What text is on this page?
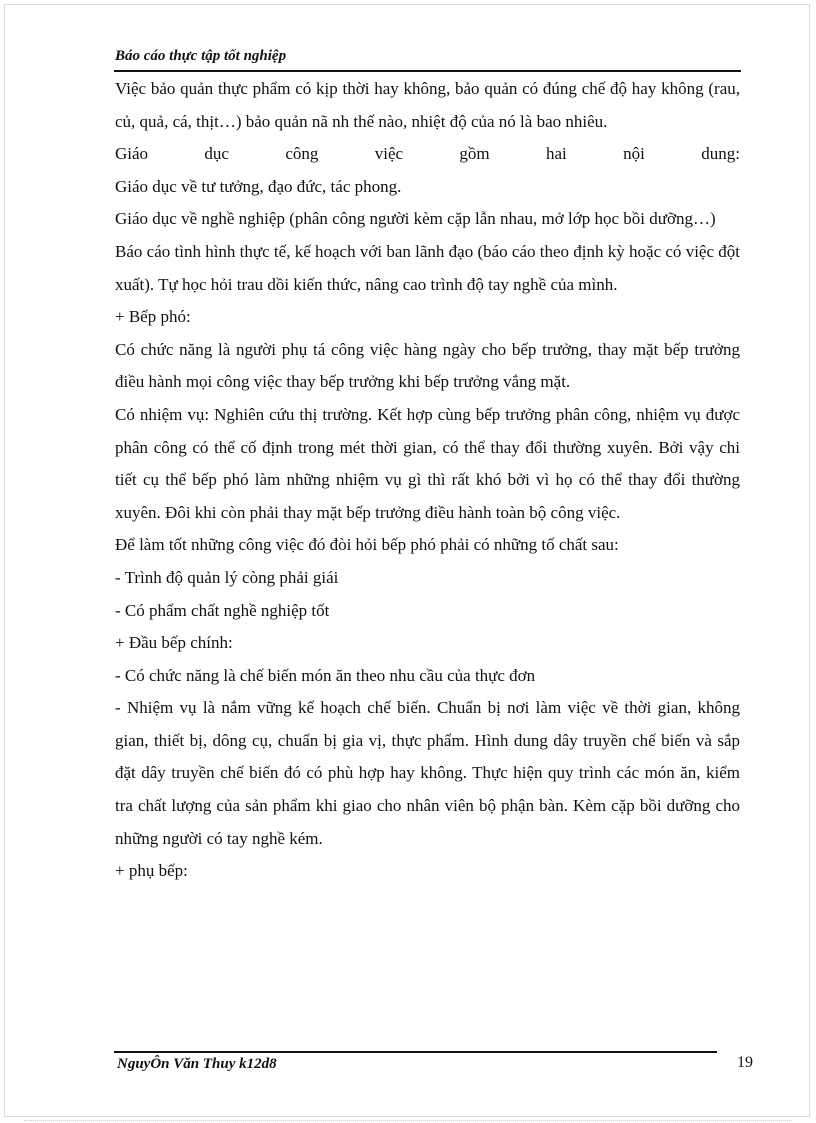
Báo cáo thực tập tốt nghiệp

Việc bảo quản thực phẩm có kịp thời hay không, bảo quản có đúng chế độ hay không (rau, củ, quả, cá, thịt…) bảo quản nã nh thế nào, nhiệt độ của nó là bao nhiêu.

Giáo	dục	công	việc	gồm	hai	nội	dung:

Giáo dục về tư tưởng, đạo đức, tác phong.

Giáo dục về nghề nghiệp (phân công người kèm cặp lẫn nhau, mở lớp học bồi dưỡng…)

Báo cáo tình hình thực tế, kế hoạch với ban lãnh đạo (báo cáo theo định kỳ hoặc có việc đột xuất). Tự học hỏi trau dồi kiến thức, nâng cao trình độ tay nghề của mình.

+ Bếp phó:

Có chức năng là người phụ tá công việc hàng ngày cho bếp trưởng, thay mặt bếp trưởng điều hành mọi công việc thay bếp trưởng khi bếp trưởng vắng mặt.

Có nhiệm vụ: Nghiên cứu thị trường. Kết hợp cùng bếp trưởng phân công, nhiệm vụ được phân công có thể cố định trong mét thời gian, có thể thay đổi thường xuyên. Bởi vậy chi tiết cụ thể bếp phó làm những nhiệm vụ gì thì rất khó bởi vì họ có thể thay đổi thường xuyên. Đôi khi còn phải thay mặt bếp trưởng điều hành toàn bộ công việc.

Để làm tốt những công việc đó đòi hỏi bếp phó phải có những tố chất sau:

- Trình độ quản lý còng phải giái

- Có phẩm chất nghề nghiệp tốt

+ Đầu bếp chính:

- Có chức năng là chế biến món ăn theo nhu cầu của thực đơn

- Nhiệm vụ là nắm vững kế hoạch chế biến. Chuẩn bị nơi làm việc về thời gian, không gian, thiết bị, dông cụ, chuẩn bị gia vị, thực phẩm. Hình dung dây truyền chế biến và sắp đặt dây truyền chế biến đó có phù hợp hay không. Thực hiện quy trình các món ăn, kiểm tra chất lượng của sản phẩm khi giao cho nhân viên bộ phận bàn. Kèm cặp bồi dưỡng cho những người có tay nghề kém.

+ phụ bếp:

NguyÔn Văn Thuy k12d8	19
